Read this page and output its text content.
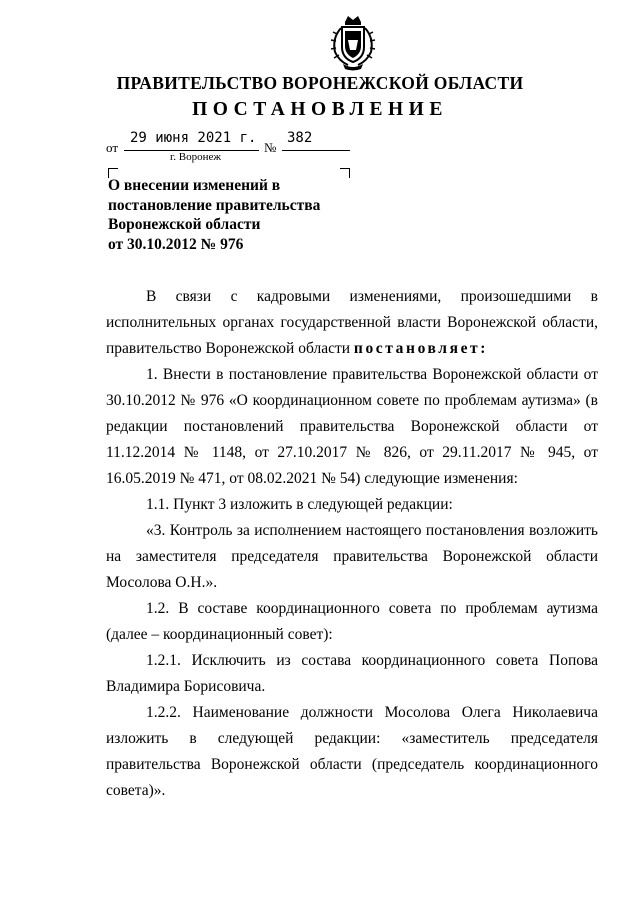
ПРАВИТЕЛЬСТВО ВОРОНЕЖСКОЙ ОБЛАСТИ
ПОСТАНОВЛЕНИЕ
от
29 июня 2021 г.
№
382
г. Воронеж
О внесении изменений в
постановление правительства
Воронежской области
от 30.10.2012 № 976

В связи с кадровыми изменениями, произошедшими в исполнительных органах государственной власти Воронежской области, правительство Воронежской области постановляет:

1. Внести в постановление правительства Воронежской области от 30.10.2012 № 976 «О координационном совете по проблемам аутизма» (в редакции постановлений правительства Воронежской области от 11.12.2014 № 1148, от 27.10.2017 № 826, от 29.11.2017 № 945, от 16.05.2019 № 471, от 08.02.2021 № 54) следующие изменения:

1.1. Пункт 3 изложить в следующей редакции:

«3. Контроль за исполнением настоящего постановления возложить на заместителя председателя правительства Воронежской области Мосолова О.Н.».

1.2. В составе координационного совета по проблемам аутизма (далее – координационный совет):

1.2.1. Исключить из состава координационного совета Попова Владимира Борисовича.

1.2.2. Наименование должности Мосолова Олега Николаевича изложить в следующей редакции: «заместитель председателя правительства Воронежской области (председатель координационного совета)».
